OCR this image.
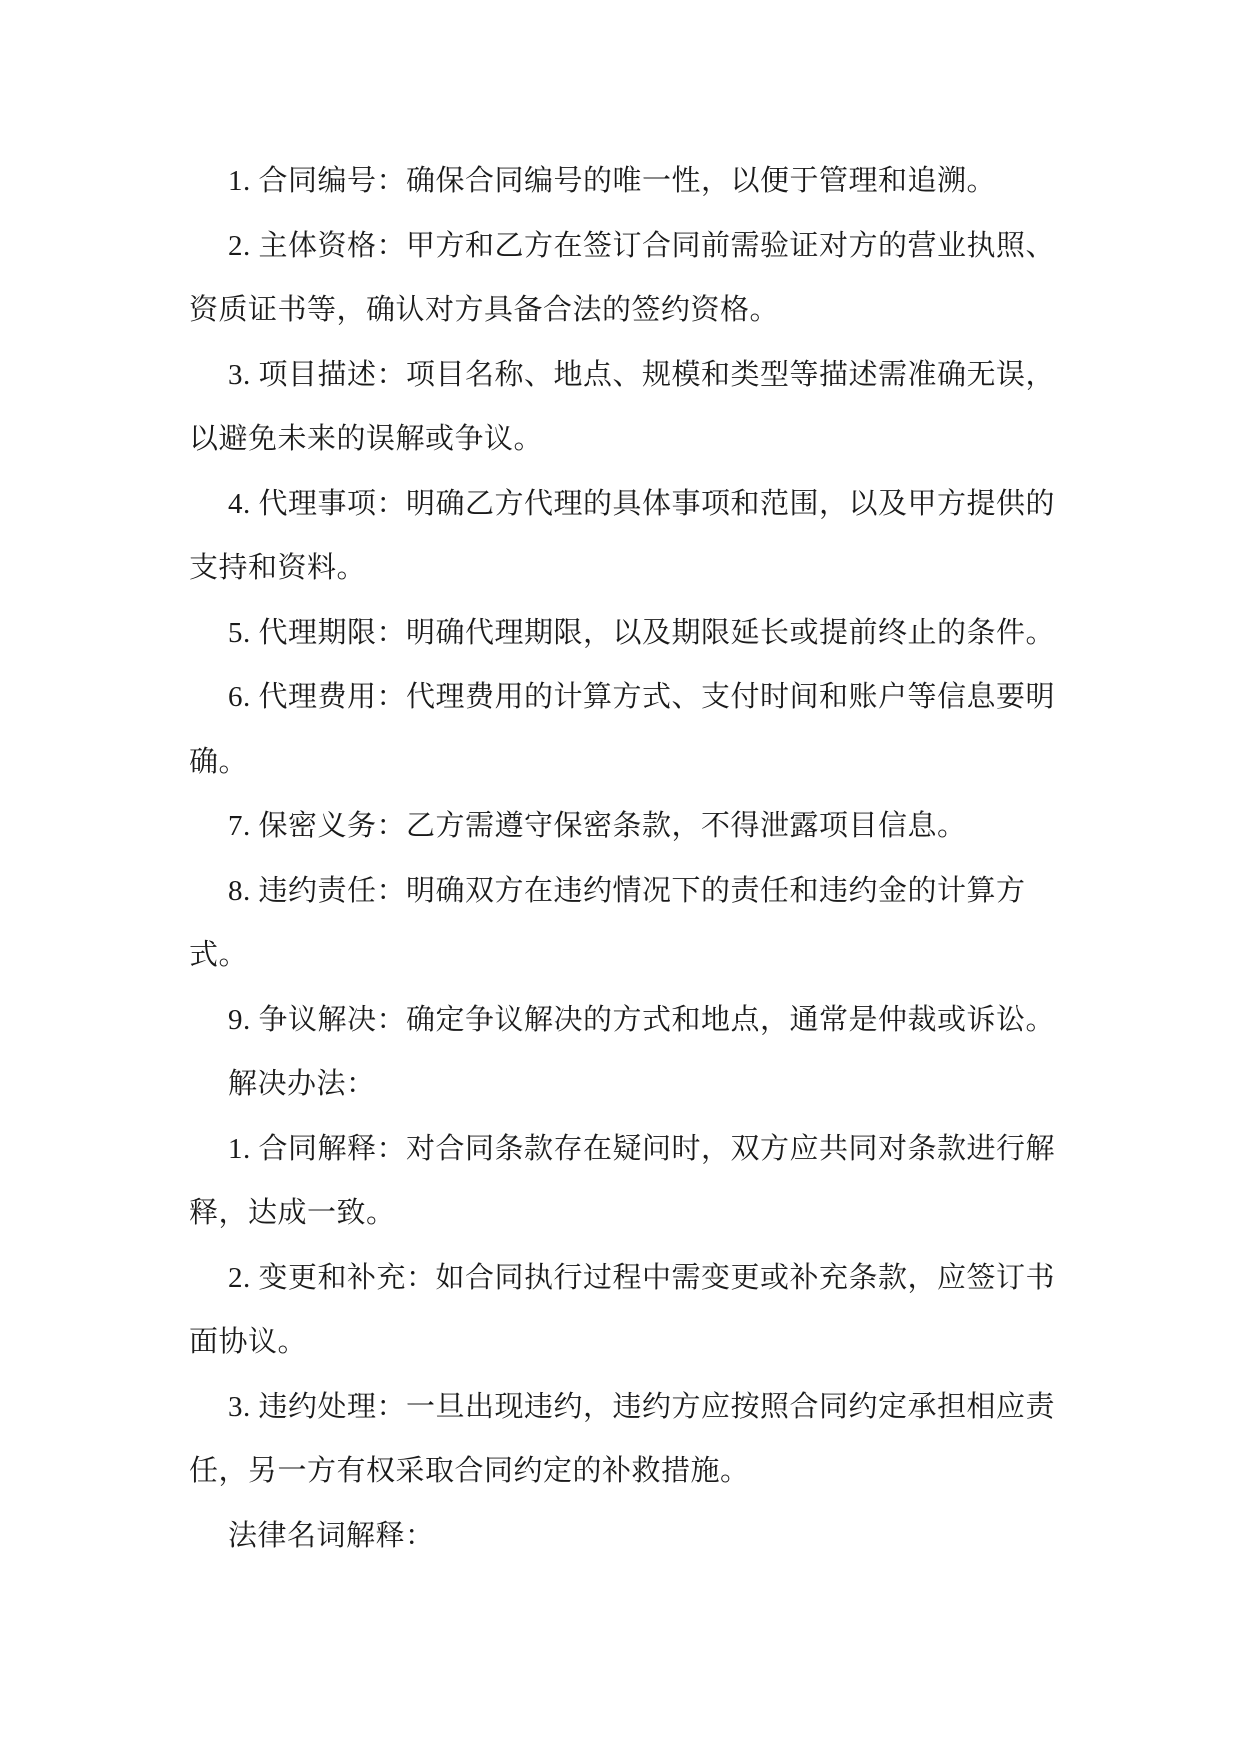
1. 合同编号：确保合同编号的唯一性，以便于管理和追溯。
2. 主体资格：甲方和乙方在签订合同前需验证对方的营业执照、
资质证书等，确认对方具备合法的签约资格。
3. 项目描述：项目名称、地点、规模和类型等描述需准确无误，
以避免未来的误解或争议。
4. 代理事项：明确乙方代理的具体事项和范围，以及甲方提供的
支持和资料。
5. 代理期限：明确代理期限，以及期限延长或提前终止的条件。
6. 代理费用：代理费用的计算方式、支付时间和账户等信息要明
确。
7. 保密义务：乙方需遵守保密条款，不得泄露项目信息。
8. 违约责任：明确双方在违约情况下的责任和违约金的计算方
式。
9. 争议解决：确定争议解决的方式和地点，通常是仲裁或诉讼。
解决办法：
1. 合同解释：对合同条款存在疑问时，双方应共同对条款进行解
释，达成一致。
2. 变更和补充：如合同执行过程中需变更或补充条款，应签订书
面协议。
3. 违约处理：一旦出现违约，违约方应按照合同约定承担相应责
任，另一方有权采取合同约定的补救措施。
法律名词解释：
